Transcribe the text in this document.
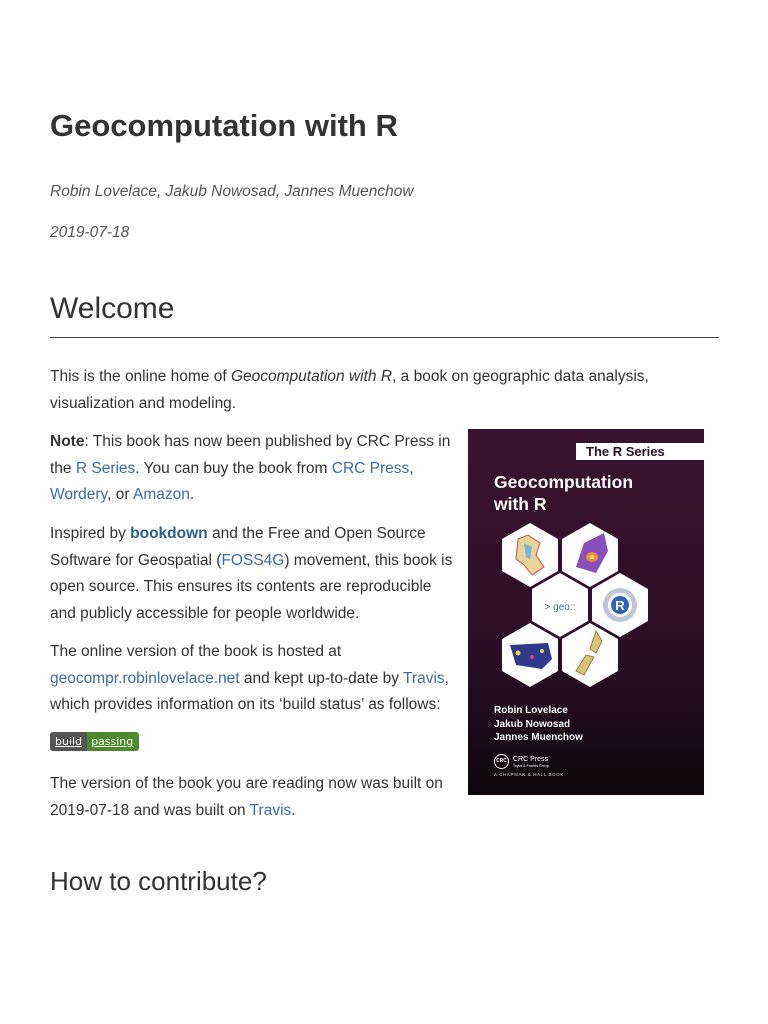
Geocomputation with R

Robin Lovelace, Jakub Nowosad, Jannes Muenchow

2019-07-18

Welcome

This is the online home of Geocomputation with R, a book on geographic data analysis, visualization and modeling.

Note: This book has now been published by CRC Press in the R Series. You can buy the book from CRC Press, Wordery, or Amazon.

Inspired by bookdown and the Free and Open Source Software for Geospatial (FOSS4G) movement, this book is open source. This ensures its contents are reproducible and publicly accessible for people worldwide.

The online version of the book is hosted at geocompr.robinlovelace.net and kept up-to-date by Travis, which provides information on its ‘build status’ as follows:

build passing

The version of the book you are reading now was built on 2019-07-18 and was built on Travis.

How to contribute?
The R Series
Geocomputation
with R
> geo::	R
Robin Lovelace
Jakub Nowosad
Jannes Muenchow
CRC CRC Press
Taylor & Francis Group
A CHAPMAN & HALL BOOK
